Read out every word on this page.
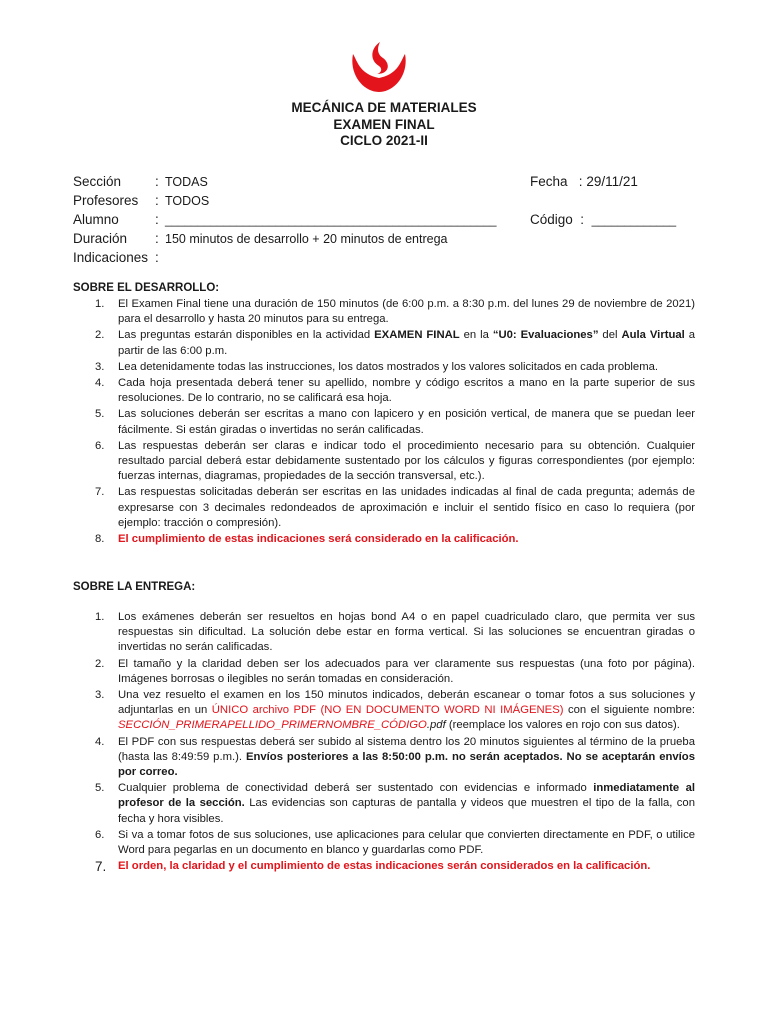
MECÁNICA DE MATERIALES
EXAMEN FINAL
CICLO 2021-II
Sección	: TODAS
Profesores : TODOS
Alumno	: ___________________________________________________
Duración : 150 minutos de desarrollo + 20 minutos de entrega
Indicaciones :
Fecha : 29/11/21
Código : _____________
SOBRE EL DESARROLLO:
1. El Examen Final tiene una duración de 150 minutos (de 6:00 p.m. a 8:30 p.m. del lunes 29 de noviembre de 2021) para el desarrollo y hasta 20 minutos para su entrega.
2. Las preguntas estarán disponibles en la actividad EXAMEN FINAL en la “U0: Evaluaciones” del Aula Virtual a partir de las 6:00 p.m.
3. Lea detenidamente todas las instrucciones, los datos mostrados y los valores solicitados en cada problema.
4. Cada hoja presentada deberá tener su apellido, nombre y código escritos a mano en la parte superior de sus resoluciones. De lo contrario, no se calificará esa hoja.
5. Las soluciones deberán ser escritas a mano con lapicero y en posición vertical, de manera que se puedan leer fácilmente. Si están giradas o invertidas no serán calificadas.
6. Las respuestas deberán ser claras e indicar todo el procedimiento necesario para su obtención. Cualquier resultado parcial deberá estar debidamente sustentado por los cálculos y figuras correspondientes (por ejemplo: fuerzas internas, diagramas, propiedades de la sección transversal, etc.).
7. Las respuestas solicitadas deberán ser escritas en las unidades indicadas al final de cada pregunta; además de expresarse con 3 decimales redondeados de aproximación e incluir el sentido físico en caso lo requiera (por ejemplo: tracción o compresión).
8. El cumplimiento de estas indicaciones será considerado en la calificación.
SOBRE LA ENTREGA:
1. Los exámenes deberán ser resueltos en hojas bond A4 o en papel cuadriculado claro, que permita ver sus respuestas sin dificultad. La solución debe estar en forma vertical. Si las soluciones se encuentran giradas o invertidas no serán calificadas.
2. El tamaño y la claridad deben ser los adecuados para ver claramente sus respuestas (una foto por página). Imágenes borrosas o ilegibles no serán tomadas en consideración.
3. Una vez resuelto el examen en los 150 minutos indicados, deberán escanear o tomar fotos a sus soluciones y adjuntarlas en un ÚNICO archivo PDF (NO EN DOCUMENTO WORD NI IMÁGENES) con el siguiente nombre: SECCIÓN_PRIMERAPELLIDO_PRIMERNOMBRE_CÓDIGO.pdf (reemplace los valores en rojo con sus datos).
4. El PDF con sus respuestas deberá ser subido al sistema dentro los 20 minutos siguientes al término de la prueba (hasta las 8:49:59 p.m.). Envíos posteriores a las 8:50:00 p.m. no serán aceptados. No se aceptarán envíos por correo.
5. Cualquier problema de conectividad deberá ser sustentado con evidencias e informado inmediatamente al profesor de la sección. Las evidencias son capturas de pantalla y videos que muestren el tipo de la falla, con fecha y hora visibles.
6. Si va a tomar fotos de sus soluciones, use aplicaciones para celular que convierten directamente en PDF, o utilice Word para pegarlas en un documento en blanco y guardarlas como PDF.
7. El orden, la claridad y el cumplimiento de estas indicaciones serán considerados en la calificación.
